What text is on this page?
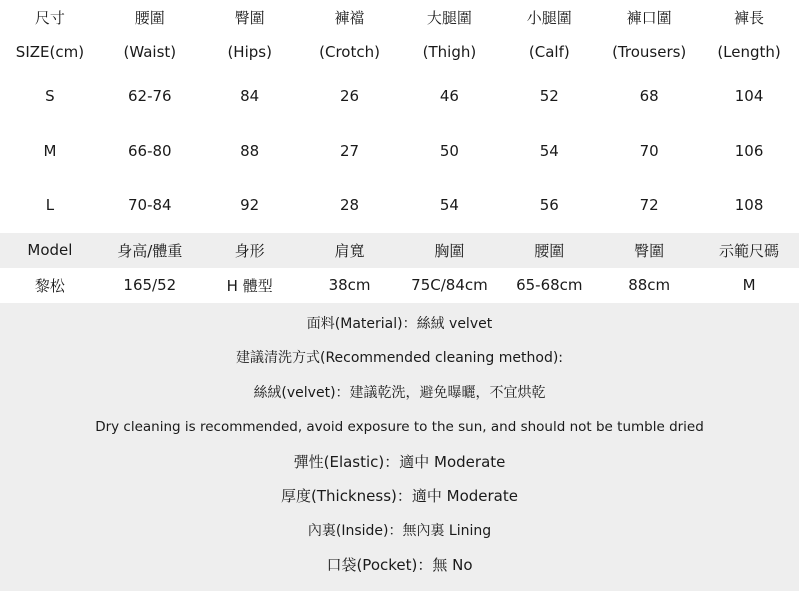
尺寸	腰圍	臀圍	褲襠	大腿圍	小腿圍	褲口圍	褲長
SIZE(cm)	(Waist)	(Hips)	(Crotch)	(Thigh)	(Calf)	(Trousers)	(Length)
S	62-76	84	26	46	52	68	104
M	66-80	88	27	50	54	70	106
L	70-84	92	28	54	56	72	108
Model	身高/體重	身形	肩寬	胸圍	腰圍	臀圍	示範尺碼
黎松	165/52	H 體型	38cm	75C/84cm	65-68cm	88cm	M
面料(Material)：絲絨 velvet
建議清洗方式(Recommended cleaning method):
絲絨(velvet)：建議乾洗，避免曝曬，不宜烘乾
Dry cleaning is recommended, avoid exposure to the sun, and should not be tumble dried
彈性(Elastic)：適中 Moderate
厚度(Thickness)：適中 Moderate
內裏(Inside)：無內裏 Lining
口袋(Pocket)：無 No
